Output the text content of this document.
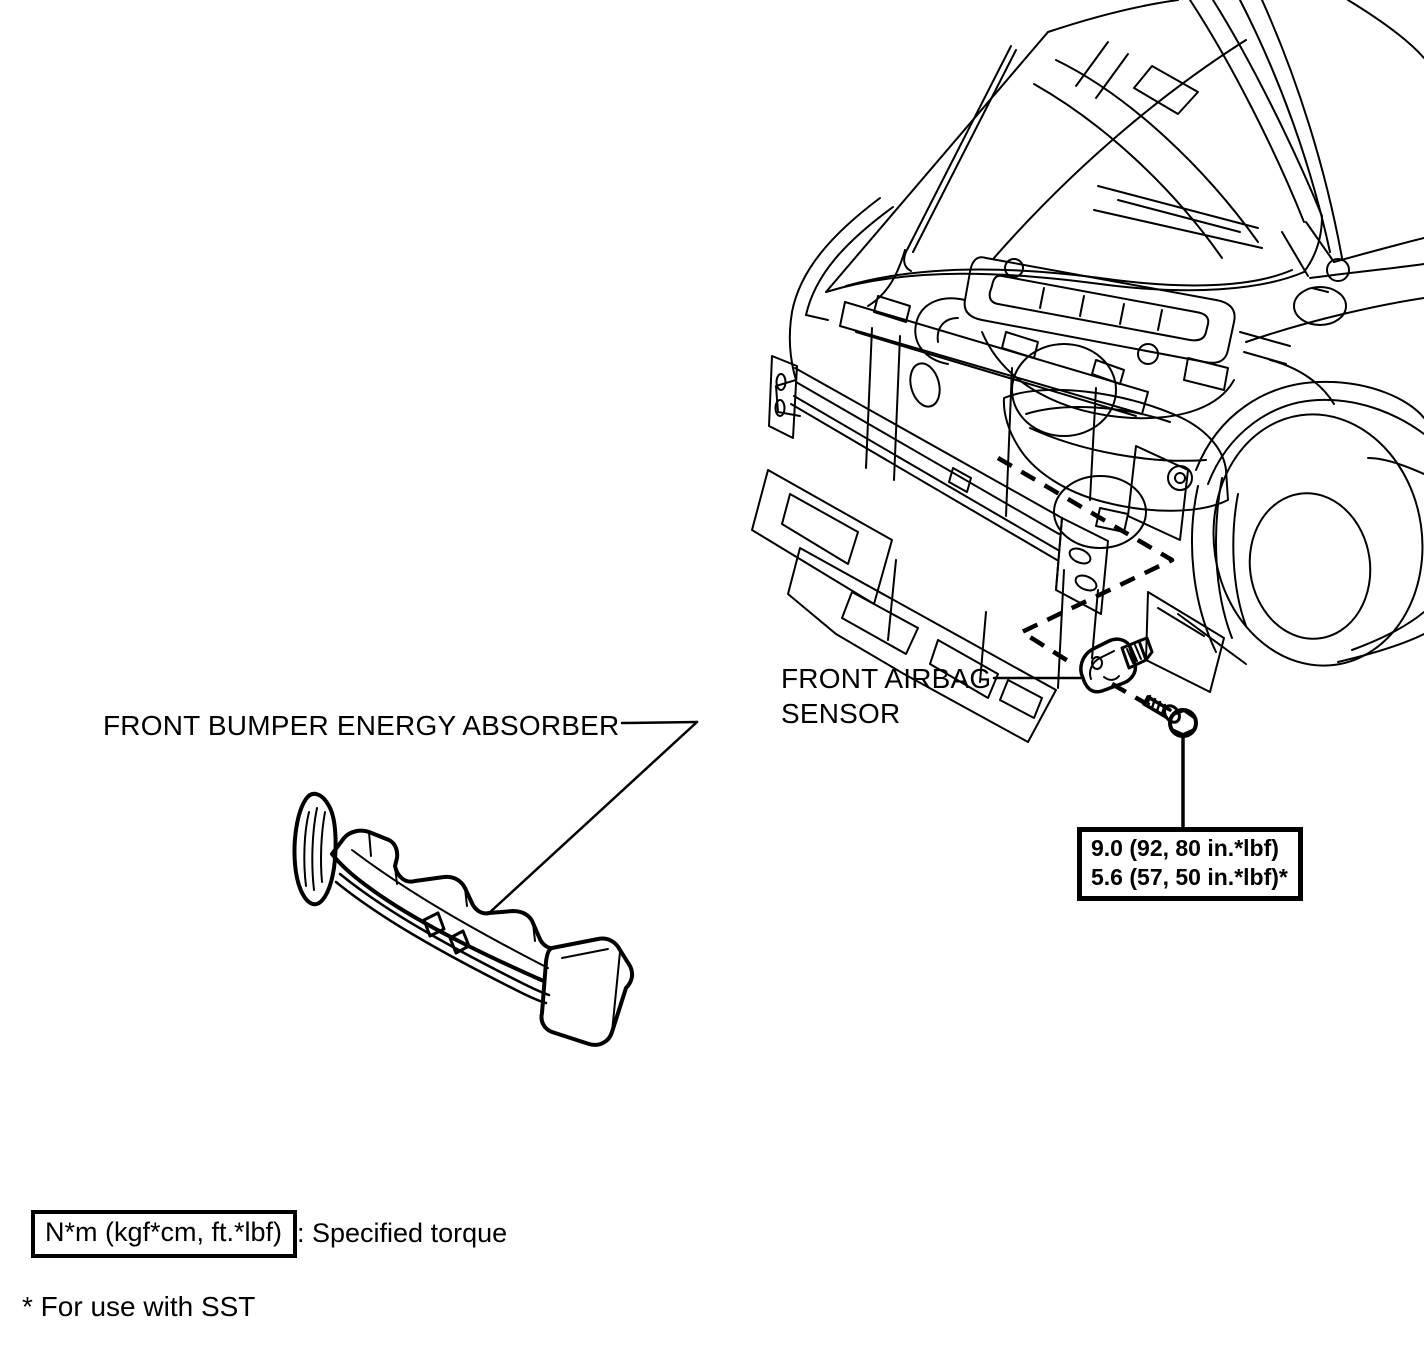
FRONT BUMPER ENERGY ABSORBER
FRONT AIRBAG
SENSOR
9.0 (92, 80 in.*lbf)
5.6 (57, 50 in.*lbf)*
N*m (kgf*cm, ft.*lbf) : Specified torque
* For use with SST
